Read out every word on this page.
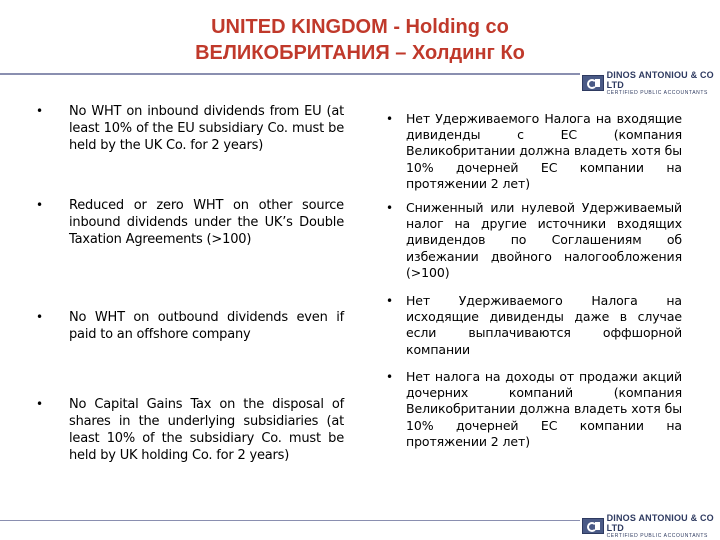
UNITED KINGDOM - Holding co
ВЕЛИКОБРИТАНИЯ – Холдинг Ко
DINOS ANTONIOU & CO LTD
CERTIFIED PUBLIC ACCOUNTANTS
• No WHT on inbound dividends from EU (at least 10% of the EU subsidiary Co. must be held by the UK Co. for 2 years)
• Reduced or zero WHT on other source inbound dividends under the UK’s Double Taxation Agreements (>100)
• No WHT on outbound dividends even if paid to an offshore company
• No Capital Gains Tax on the disposal of shares in the underlying subsidiaries (at least 10% of the subsidiary Co. must be held by UK holding Co. for 2 years)
• Нет Удерживаемого Налога на входящие дивиденды с ЕС (компания Великобритании должна владеть хотя бы 10% дочерней ЕС компании на протяжении 2 лет)
• Сниженный или нулевой Удерживаемый налог на другие источники входящих дивидендов по Соглашениям об избежании двойного налогообложения (>100)
• Нет Удерживаемого Налога на исходящие дивиденды даже в случае если выплачиваются оффшорной компании
• Нет налога на доходы от продажи акций дочерних компаний (компания Великобритании должна владеть хотя бы 10% дочерней ЕС компании на протяжении 2 лет)
DINOS ANTONIOU & CO LTD
CERTIFIED PUBLIC ACCOUNTANTS
